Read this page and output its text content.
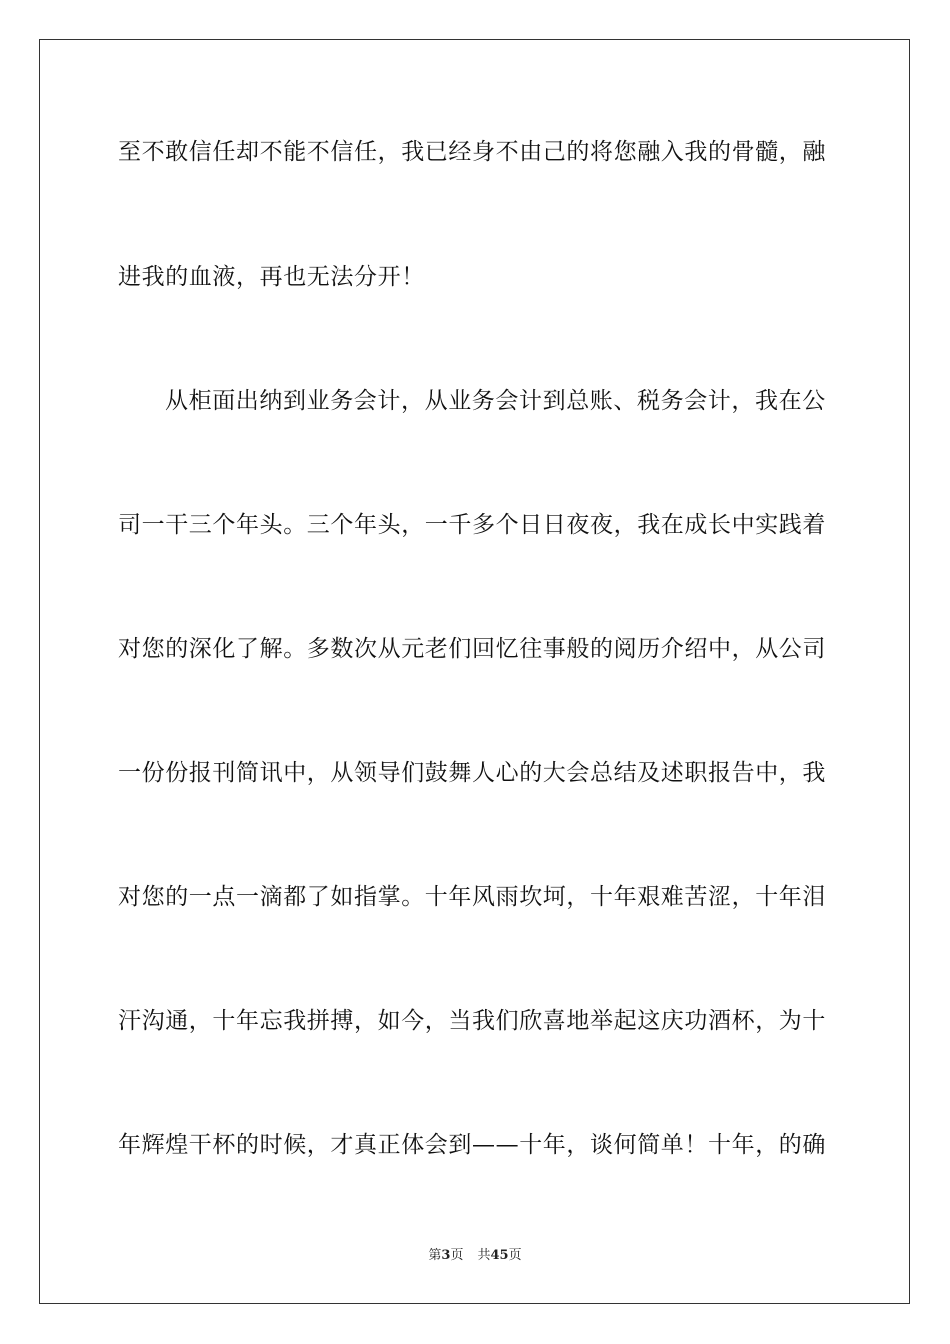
至不敢信任却不能不信任，我已经身不由己的将您融入我的骨髓，融
进我的血液，再也无法分开！
从柜面出纳到业务会计，从业务会计到总账、税务会计，我在公
司一干三个年头。三个年头，一千多个日日夜夜，我在成长中实践着
对您的深化了解。多数次从元老们回忆往事般的阅历介绍中，从公司
一份份报刊简讯中，从领导们鼓舞人心的大会总结及述职报告中，我
对您的一点一滴都了如指掌。十年风雨坎坷，十年艰难苦涩，十年泪
汗沟通，十年忘我拼搏，如今，当我们欣喜地举起这庆功酒杯，为十
年辉煌干杯的时候，才真正体会到——十年，谈何简单！十年，的确
第3页 共45页
